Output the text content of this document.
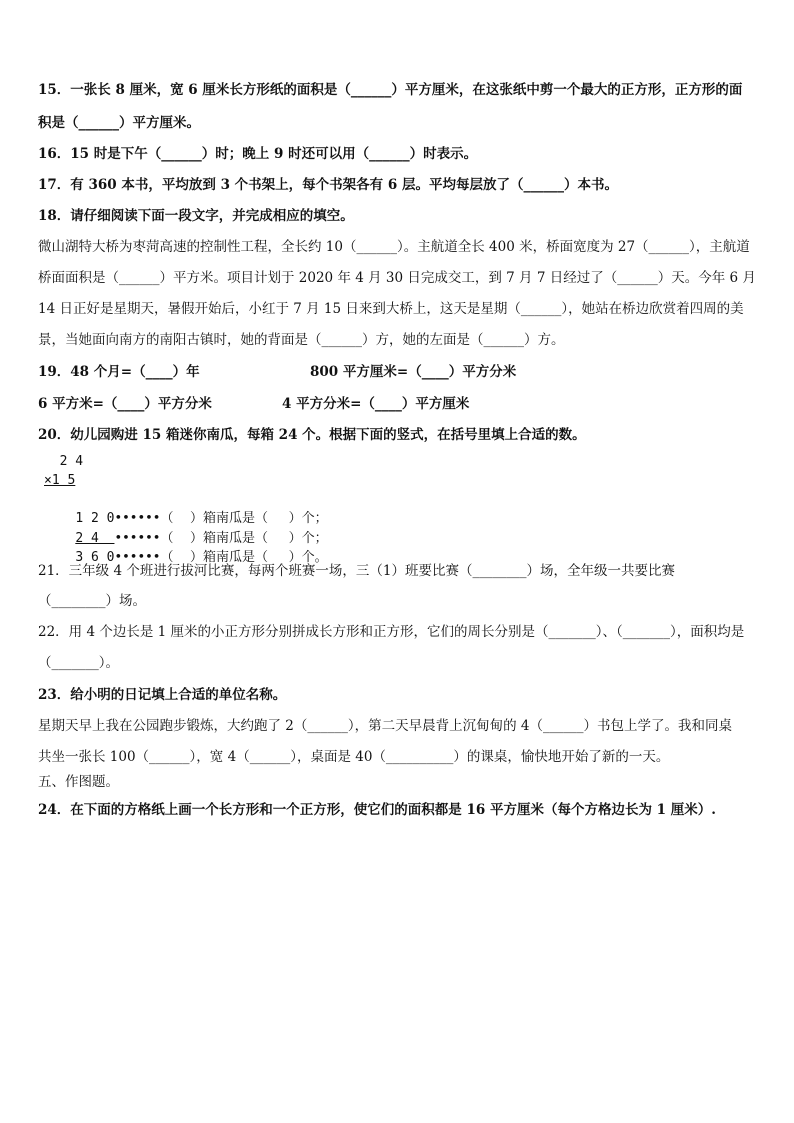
15．一张长 8 厘米，宽 6 厘米长方形纸的面积是（______）平方厘米，在这张纸中剪一个最大的正方形，正方形的面
积是（______）平方厘米。
16．15 时是下午（______）时；晚上 9 时还可以用（______）时表示。
17．有 360 本书，平均放到 3 个书架上，每个书架各有 6 层。平均每层放了（______）本书。
18．请仔细阅读下面一段文字，并完成相应的填空。
微山湖特大桥为枣菏高速的控制性工程，全长约 10（______）。主航道全长 400 米，桥面宽度为 27（______），主航道
桥面面积是（______）平方米。项目计划于 2020 年 4 月 30 日完成交工，到 7 月 7 日经过了（______）天。今年 6 月
14 日正好是星期天，暑假开始后，小红于 7 月 15 日来到大桥上，这天是星期（______），她站在桥边欣赏着四周的美
景，当她面向南方的南阳古镇时，她的背面是（______）方，她的左面是（______）方。
19．48 个月=（____）年	800 平方厘米=（____）平方分米
6 平方米=（____）平方分米	4 平方分米=（____）平方厘米
20．幼儿园购进 15 箱迷你南瓜，每箱 24 个。根据下面的竖式，在括号里填上合适的数。
2 4
×1 5

1 2 0••••••（    ）箱南瓜是（     ）个；

2 4  ••••••（    ）箱南瓜是（     ）个；

3 6 0••••••（    ）箱南瓜是（     ）个。

21．三年级 4 个班进行拔河比赛，每两个班赛一场，三（1）班要比赛（________）场，全年级一共要比赛
（________）场。
22．用 4 个边长是 1 厘米的小正方形分别拼成长方形和正方形，它们的周长分别是（_______）、（_______），面积均是
（_______）。
23．给小明的日记填上合适的单位名称。
星期天早上我在公园跑步锻炼，大约跑了 2（______），第二天早晨背上沉甸甸的 4（______）书包上学了。我和同桌
共坐一张长 100（______），宽 4（______），桌面是 40（__________）的课桌，愉快地开始了新的一天。
五、作图题。
24．在下面的方格纸上画一个长方形和一个正方形，使它们的面积都是 16 平方厘米（每个方格边长为 1 厘米）.
